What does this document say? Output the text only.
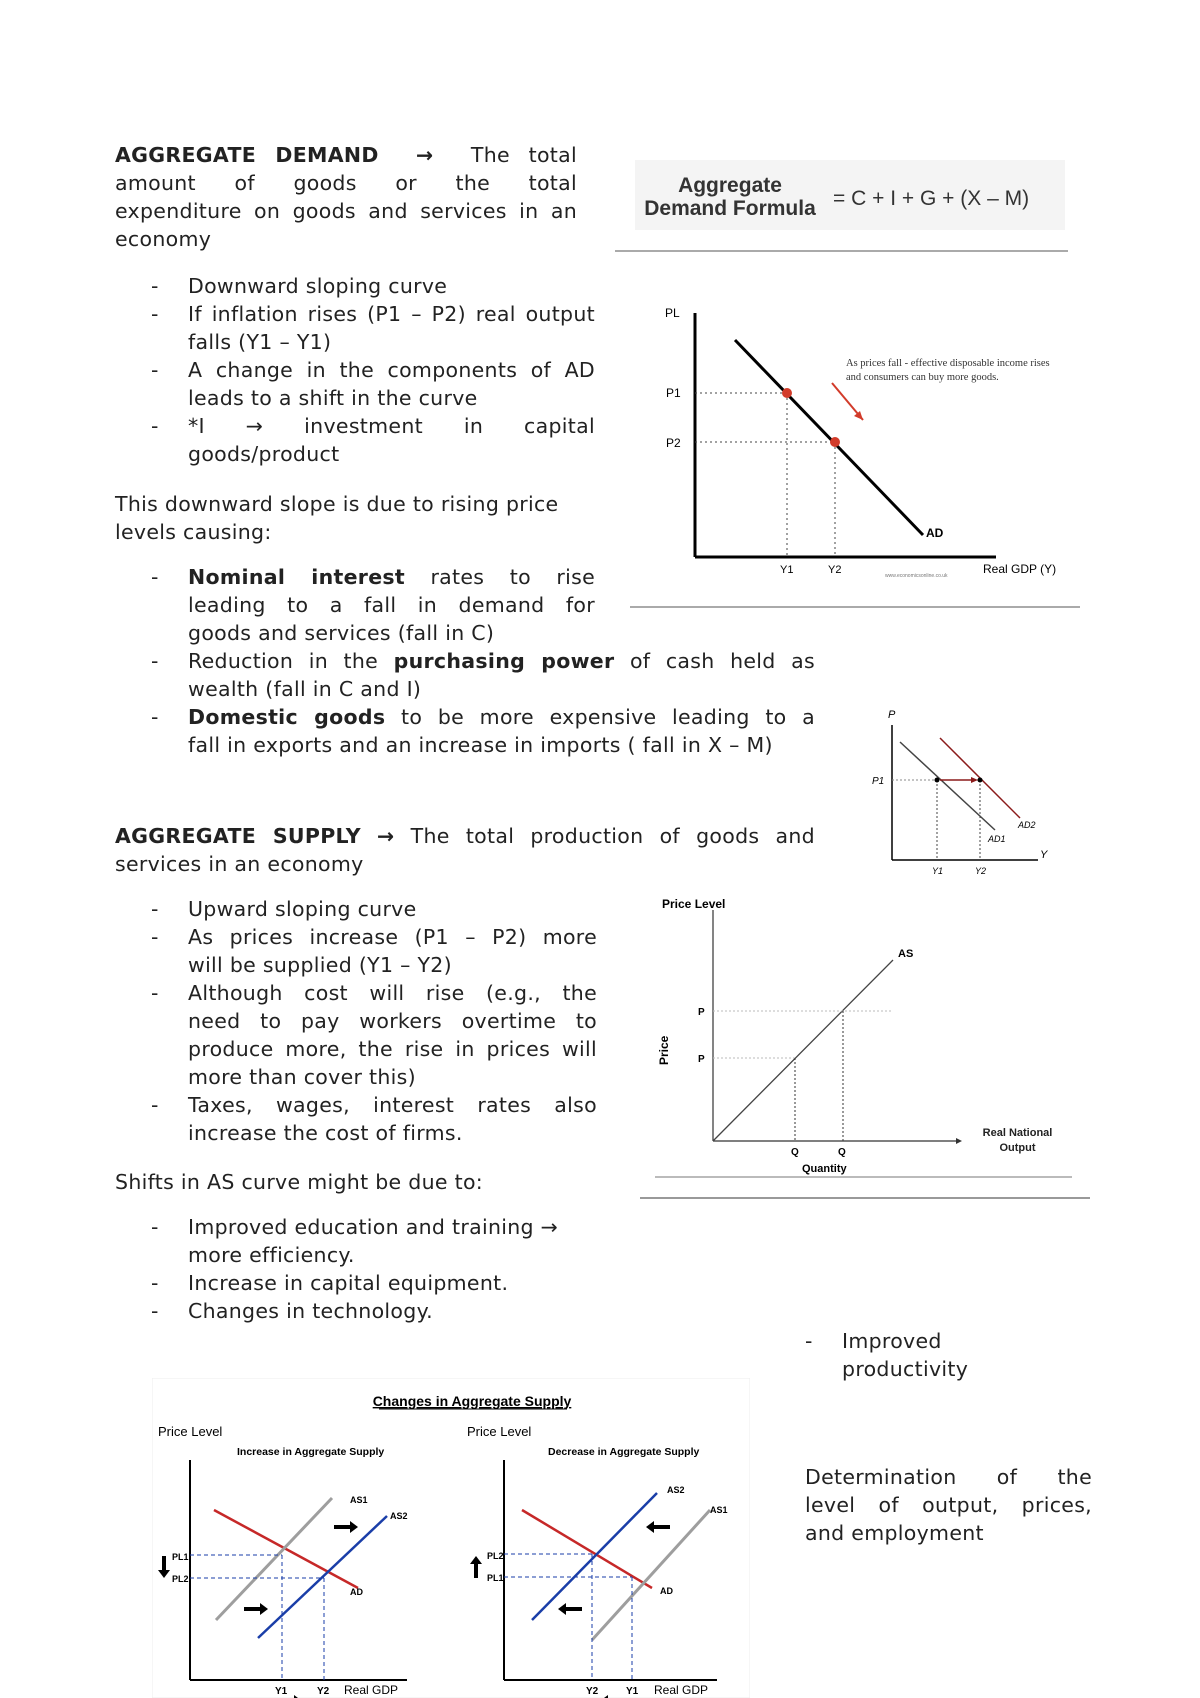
AGGREGATE DEMAND → The total
amount of goods or the total
expenditure on goods and services in an
economy
- Downward sloping curve
- If inflation rises (P1 – P2) real output
falls (Y1 – Y1)
- A change in the components of AD
leads to a shift in the curve
- *I → investment in capital
goods/product
This downward slope is due to rising price
levels causing:
- Nominal interest rates to rise
leading to a fall in demand for
goods and services (fall in C)
- Reduction in the purchasing power of cash held as
wealth (fall in C and I)
- Domestic goods to be more expensive leading to a
fall in exports and an increase in imports ( fall in X – M)
AGGREGATE SUPPLY → The total production of goods and
services in an economy
- Upward sloping curve
- As prices increase (P1 – P2) more
will be supplied (Y1 – Y2)
- Although cost will rise (e.g., the
need to pay workers overtime to
produce more, the rise in prices will
more than cover this)
- Taxes, wages, interest rates also
increase the cost of firms.
Shifts in AS curve might be due to:
- Improved education and training →
more efficiency.
- Increase in capital equipment.
- Changes in technology.
- Improved
productivity
Determination of the
level of output, prices,
and employment
Aggregate
Demand Formula = C + I + G + (X – M)
PL
Real GDP (Y)
P1
P2
Y1	Y2
AD
As prices fall - effective disposable income rises and consumers can buy more goods.
www.economicsonline.co.uk
P
Y
P1
Y1	Y2
AD2
AD1
Price Level
Price
AS
P
P
Q	Q
Quantity
Real National Output
Changes in Aggregate Supply
Price Level
Increase in Aggregate Supply
PL1
PL2
Y1	Y2 Real GDP
AS1
AS2
AD
Price Level
Decrease in Aggregate Supply
PL2
PL1
Y2	Y1 Real GDP
AS2
AS1
AD
